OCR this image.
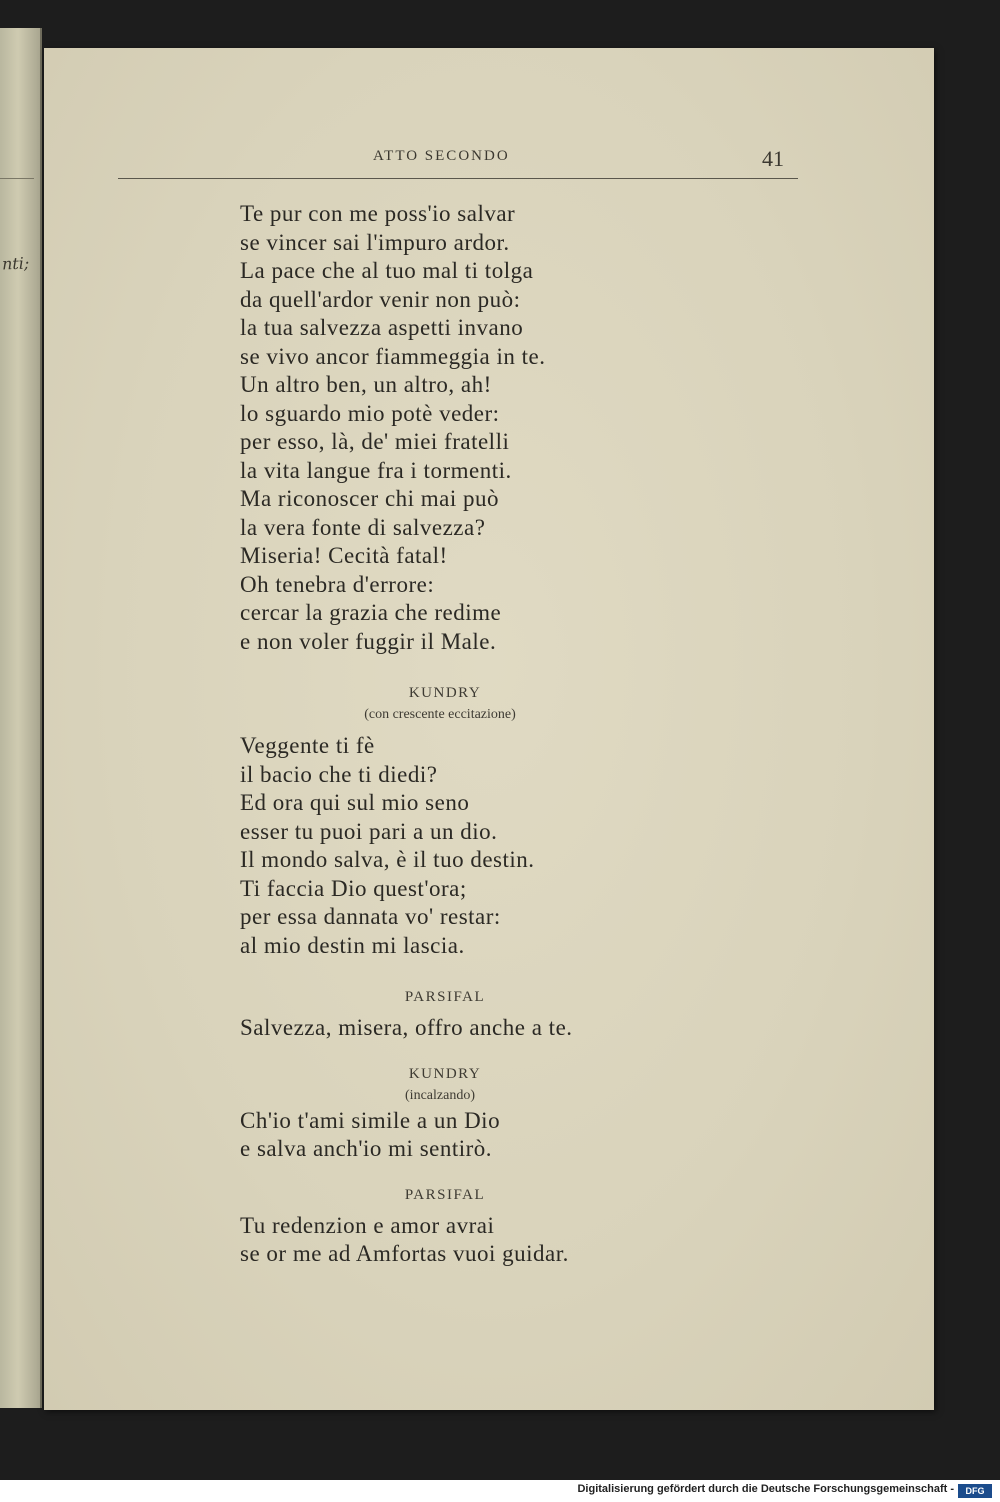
nti;
ATTO SECONDO	41
Te pur con me poss'io salvar
se vincer sai l'impuro ardor.
La pace che al tuo mal ti tolga
da quell'ardor venir non può:
la tua salvezza aspetti invano
se vivo ancor fiammeggia in te.
Un altro ben, un altro, ah!
lo sguardo mio potè veder:
per esso, là, de' miei fratelli
la vita langue fra i tormenti.
Ma riconoscer chi mai può
la vera fonte di salvezza?
Miseria! Cecità fatal!
Oh tenebra d'errore:
cercar la grazia che redime
e non voler fuggir il Male.
KUNDRY
(con crescente eccitazione)
Veggente ti fè
il bacio che ti diedi?
Ed ora qui sul mio seno
esser tu puoi pari a un dio.
Il mondo salva, è il tuo destin.
Ti faccia Dio quest'ora;
per essa dannata vo' restar:
al mio destin mi lascia.
PARSIFAL
Salvezza, misera, offro anche a te.
KUNDRY
(incalzando)
Ch'io t'ami simile a un Dio
e salva anch'io mi sentirò.
PARSIFAL
Tu redenzion e amor avrai
se or me ad Amfortas vuoi guidar.
Digitalisierung gefördert durch die Deutsche Forschungsgemeinschaft -	DFG
